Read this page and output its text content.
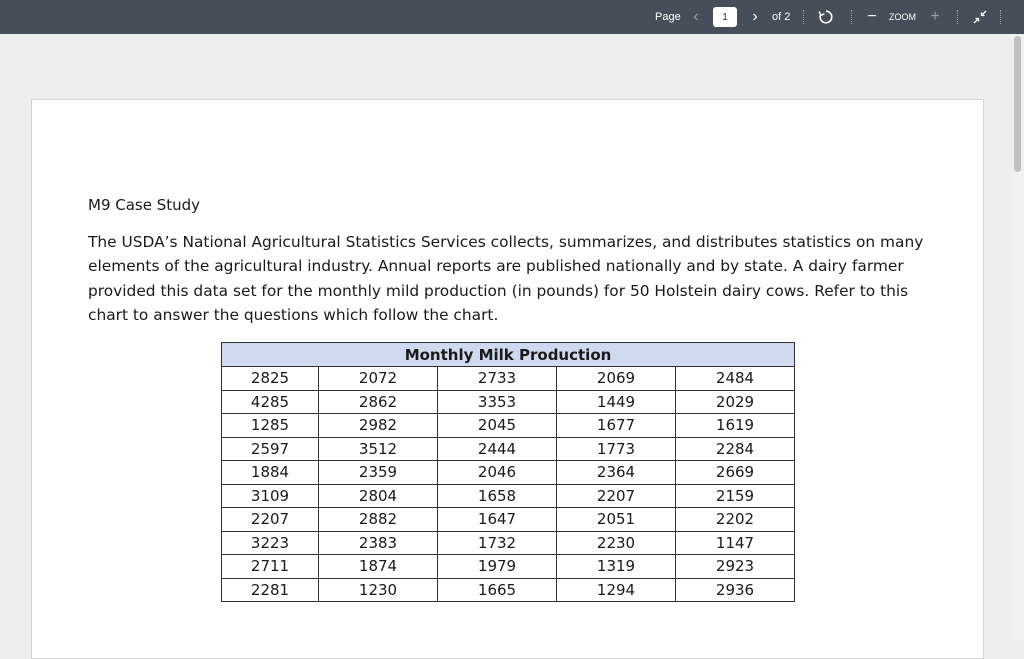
Page ‹
1	›	of 2	− ZOOM +
M9 Case Study

The USDA’s National Agricultural Statistics Services collects, summarizes, and distributes statistics on many elements of the agricultural industry. Annual reports are published nationally and by state. A dairy farmer provided this data set for the monthly mild production (in pounds) for 50 Holstein dairy cows. Refer to this chart to answer the questions which follow the chart.

Monthly Milk Production				
2825	2072	2733	2069	2484
4285	2862	3353	1449	2029
1285	2982	2045	1677	1619
2597	3512	2444	1773	2284
1884	2359	2046	2364	2669
3109	2804	1658	2207	2159
2207	2882	1647	2051	2202
3223	2383	1732	2230	1147
2711	1874	1979	1319	2923
2281	1230	1665	1294	2936
